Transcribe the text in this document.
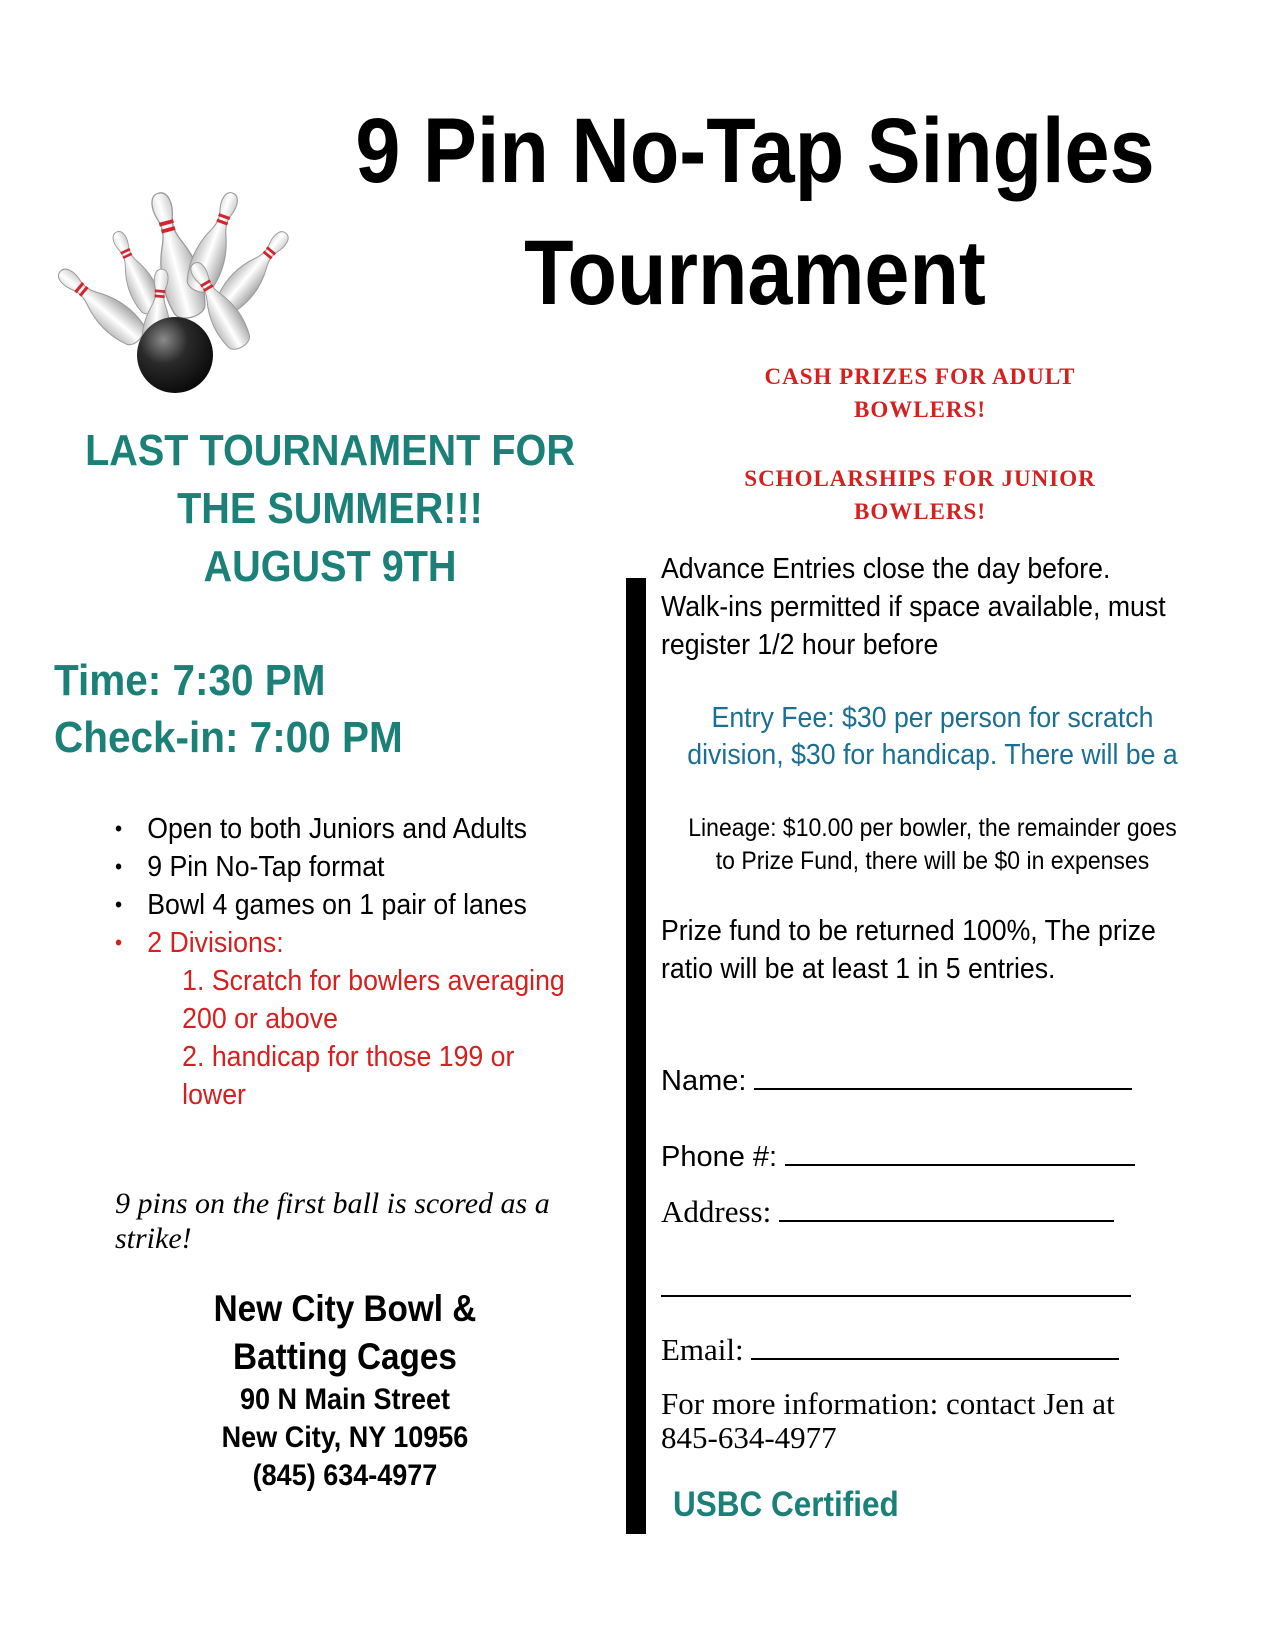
9 Pin No-Tap Singles
Tournament
LAST TOURNAMENT FOR
THE SUMMER!!!
AUGUST 9TH
Time: 7:30 PM
Check-in: 7:00 PM
• Open to both Juniors and Adults
• 9 Pin No-Tap format
• Bowl 4 games on 1 pair of lanes
• 2 Divisions:
1. Scratch for bowlers averaging 200 or above
2. handicap for those 199 or lower
9 pins on the first ball is scored as a strike!
New City Bowl &
Batting Cages
90 N Main Street
New City, NY 10956
(845) 634-4977
CASH PRIZES FOR ADULT
BOWLERS!
SCHOLARSHIPS FOR JUNIOR
BOWLERS!
Advance Entries close the day before.
Walk-ins permitted if space available, must
register 1/2 hour before
Entry Fee: $30 per person for scratch
division, $30 for handicap. There will be a
Lineage: $10.00 per bowler, the remainder goes
to Prize Fund, there will be $0 in expenses
Prize fund to be returned 100%, The prize
ratio will be at least 1 in 5 entries.
Name:
Phone #:
Address:
Email:
For more information: contact Jen at
845-634-4977
USBC Certified
